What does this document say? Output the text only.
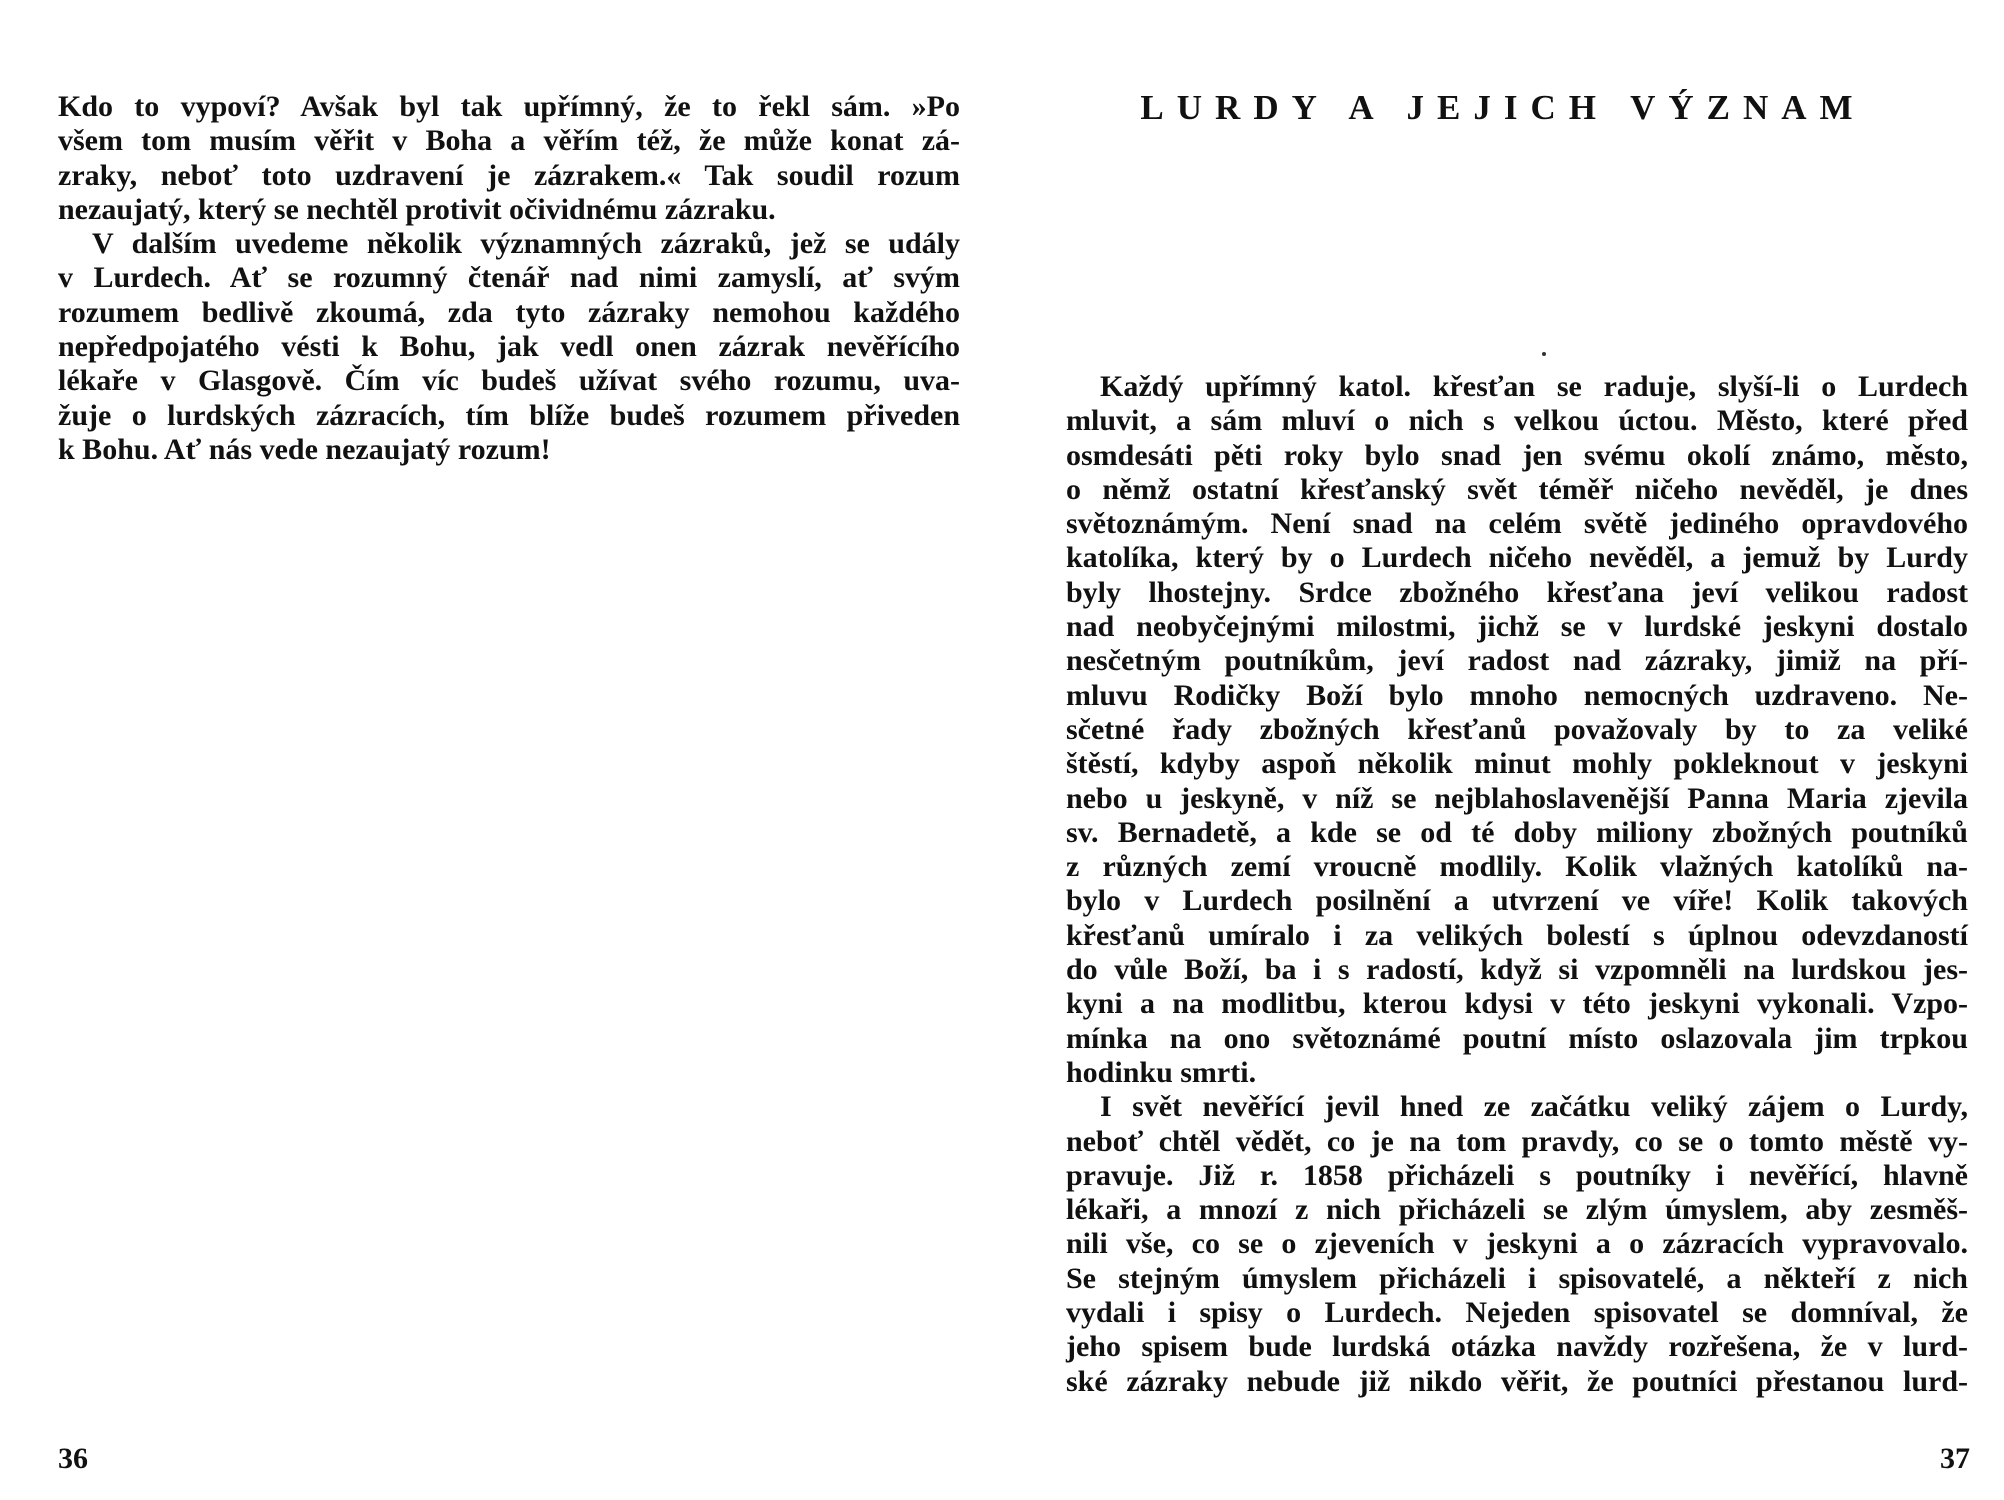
Kdo to vypoví? Avšak byl tak upřímný, že to řekl sám. »Po
všem tom musím věřit v Boha a věřím též, že může konat zá-
zraky, neboť toto uzdravení je zázrakem.« Tak soudil rozum
nezaujatý, který se nechtěl protivit očividnému zázraku.
V dalším uvedeme několik významných zázraků, jež se udály
v Lurdech. Ať se rozumný čtenář nad nimi zamyslí, ať svým
rozumem bedlivě zkoumá, zda tyto zázraky nemohou každého
nepředpojatého vésti k Bohu, jak vedl onen zázrak nevěřícího
lékaře v Glasgově. Čím víc budeš užívat svého rozumu, uva-
žuje o lurdských zázracích, tím blíže budeš rozumem přiveden
k Bohu. Ať nás vede nezaujatý rozum!
36
LURDY A JEJICH VÝZNAM
Každý upřímný katol. křesťan se raduje, slyší-li o Lurdech
mluvit, a sám mluví o nich s velkou úctou. Město, které před
osmdesáti pěti roky bylo snad jen svému okolí známo, město,
o němž ostatní křesťanský svět téměř ničeho nevěděl, je dnes
světoznámým. Není snad na celém světě jediného opravdového
katolíka, který by o Lurdech ničeho nevěděl, a jemuž by Lurdy
byly lhostejny. Srdce zbožného křesťana jeví velikou radost
nad neobyčejnými milostmi, jichž se v lurdské jeskyni dostalo
nesčetným poutníkům, jeví radost nad zázraky, jimiž na pří-
mluvu Rodičky Boží bylo mnoho nemocných uzdraveno. Ne-
sčetné řady zbožných křesťanů považovaly by to za veliké
štěstí, kdyby aspoň několik minut mohly pokleknout v jeskyni
nebo u jeskyně, v níž se nejblahoslavenější Panna Maria zjevila
sv. Bernadetě, a kde se od té doby miliony zbožných poutníků
z různých zemí vroucně modlily. Kolik vlažných katolíků na-
bylo v Lurdech posilnění a utvrzení ve víře! Kolik takových
křesťanů umíralo i za velikých bolestí s úplnou odevzdaností
do vůle Boží, ba i s radostí, když si vzpomněli na lurdskou jes-
kyni a na modlitbu, kterou kdysi v této jeskyni vykonali. Vzpo-
mínka na ono světoznámé poutní místo oslazovala jim trpkou
hodinku smrti.
I svět nevěřící jevil hned ze začátku veliký zájem o Lurdy,
neboť chtěl vědět, co je na tom pravdy, co se o tomto městě vy-
pravuje. Již r. 1858 přicházeli s poutníky i nevěřící, hlavně
lékaři, a mnozí z nich přicházeli se zlým úmyslem, aby zesměš-
nili vše, co se o zjeveních v jeskyni a o zázracích vypravovalo.
Se stejným úmyslem přicházeli i spisovatelé, a někteří z nich
vydali i spisy o Lurdech. Nejeden spisovatel se domníval, že
jeho spisem bude lurdská otázka navždy rozřešena, že v lurd-
ské zázraky nebude již nikdo věřit, že poutníci přestanou lurd-
37
